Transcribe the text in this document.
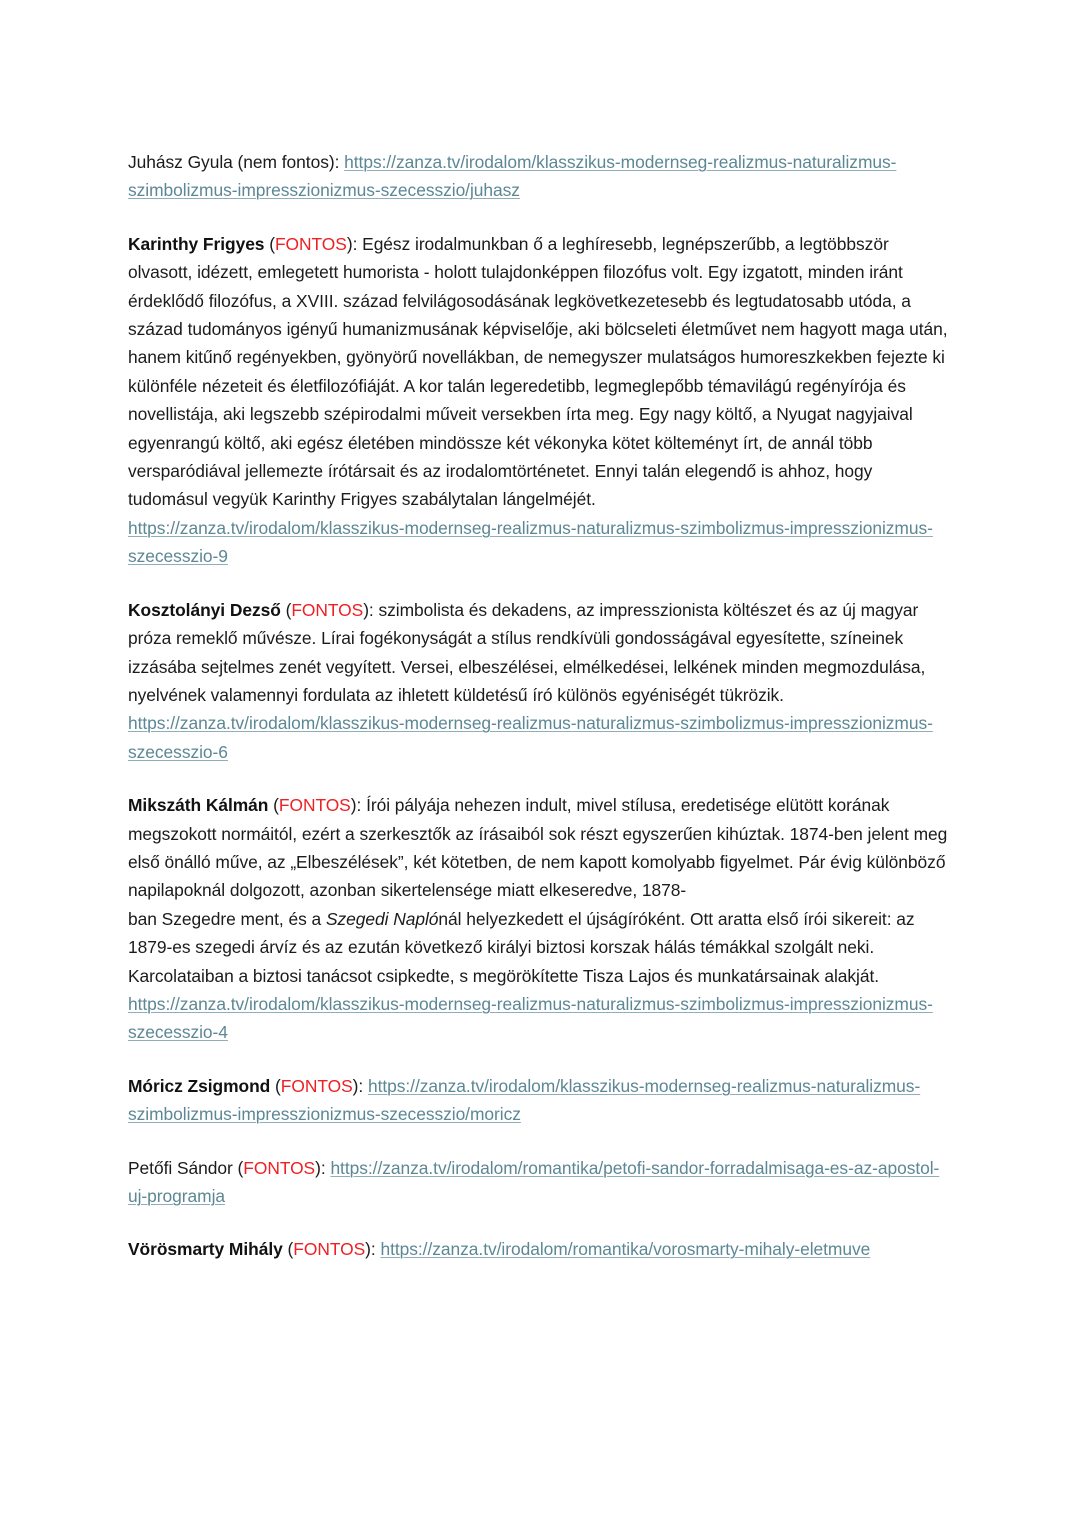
Juhász Gyula (nem fontos): https://zanza.tv/irodalom/klasszikus-modernseg-realizmus-naturalizmus-szimbolizmus-impresszionizmus-szecesszio/juhasz

Karinthy Frigyes (FONTOS): Egész irodalmunkban ő a leghíresebb, legnépszerűbb, a legtöbbször olvasott, idézett, emlegetett humorista - holott tulajdonképpen filozófus volt. Egy izgatott, minden iránt érdeklődő filozófus, a XVIII. század felvilágosodásának legkövetkezetesebb és legtudatosabb utóda, a század tudományos igényű humanizmusának képviselője, aki bölcseleti életművet nem hagyott maga után, hanem kitűnő regényekben, gyönyörű novellákban, de nemegyszer mulatságos humoreszkekben fejezte ki különféle nézeteit és életfilozófiáját. A kor talán legeredetibb, legmeglepőbb témavilágú regényírója és novellistája, aki legszebb szépirodalmi műveit versekben írta meg. Egy nagy költő, a Nyugat nagyjaival egyenrangú költő, aki egész életében mindössze két vékonyka kötet költeményt írt, de annál több versparódiával jellemezte írótársait és az irodalomtörténetet. Ennyi talán elegendő is ahhoz, hogy tudomásul vegyük Karinthy Frigyes szabálytalan lángelméjét.
https://zanza.tv/irodalom/klasszikus-modernseg-realizmus-naturalizmus-szimbolizmus-impresszionizmus-szecesszio-9

Kosztolányi Dezső (FONTOS): szimbolista és dekadens, az impresszionista költészet és az új magyar próza remeklő művésze. Lírai fogékonyságát a stílus rendkívüli gondosságával egyesítette, színeinek izzásába sejtelmes zenét vegyített. Versei, elbeszélései, elmélkedései, lelkének minden megmozdulása, nyelvének valamennyi fordulata az ihletett küldetésű író különös egyéniségét tükrözik.
https://zanza.tv/irodalom/klasszikus-modernseg-realizmus-naturalizmus-szimbolizmus-impresszionizmus-szecesszio-6

Mikszáth Kálmán (FONTOS): Írói pályája nehezen indult, mivel stílusa, eredetisége elütött korának megszokott normáitól, ezért a szerkesztők az írásaiból sok részt egyszerűen kihúztak. 1874-ben jelent meg első önálló műve, az „Elbeszélések”, két kötetben, de nem kapott komolyabb figyelmet. Pár évig különböző napilapoknál dolgozott, azonban sikertelensége miatt elkeseredve, 1878-
ban Szegedre ment, és a Szegedi Naplónál helyezkedett el újságíróként. Ott aratta első írói sikereit: az 1879-es szegedi árvíz és az ezután következő királyi biztosi korszak hálás témákkal szolgált neki. Karcolataiban a biztosi tanácsot csipkedte, s megörökítette Tisza Lajos és munkatársainak alakját.
https://zanza.tv/irodalom/klasszikus-modernseg-realizmus-naturalizmus-szimbolizmus-impresszionizmus-szecesszio-4

Móricz Zsigmond (FONTOS): https://zanza.tv/irodalom/klasszikus-modernseg-realizmus-naturalizmus-szimbolizmus-impresszionizmus-szecesszio/moricz

Petőfi Sándor (FONTOS): https://zanza.tv/irodalom/romantika/petofi-sandor-forradalmisaga-es-az-apostol-uj-programja

Vörösmarty Mihály (FONTOS): https://zanza.tv/irodalom/romantika/vorosmarty-mihaly-eletmuve
